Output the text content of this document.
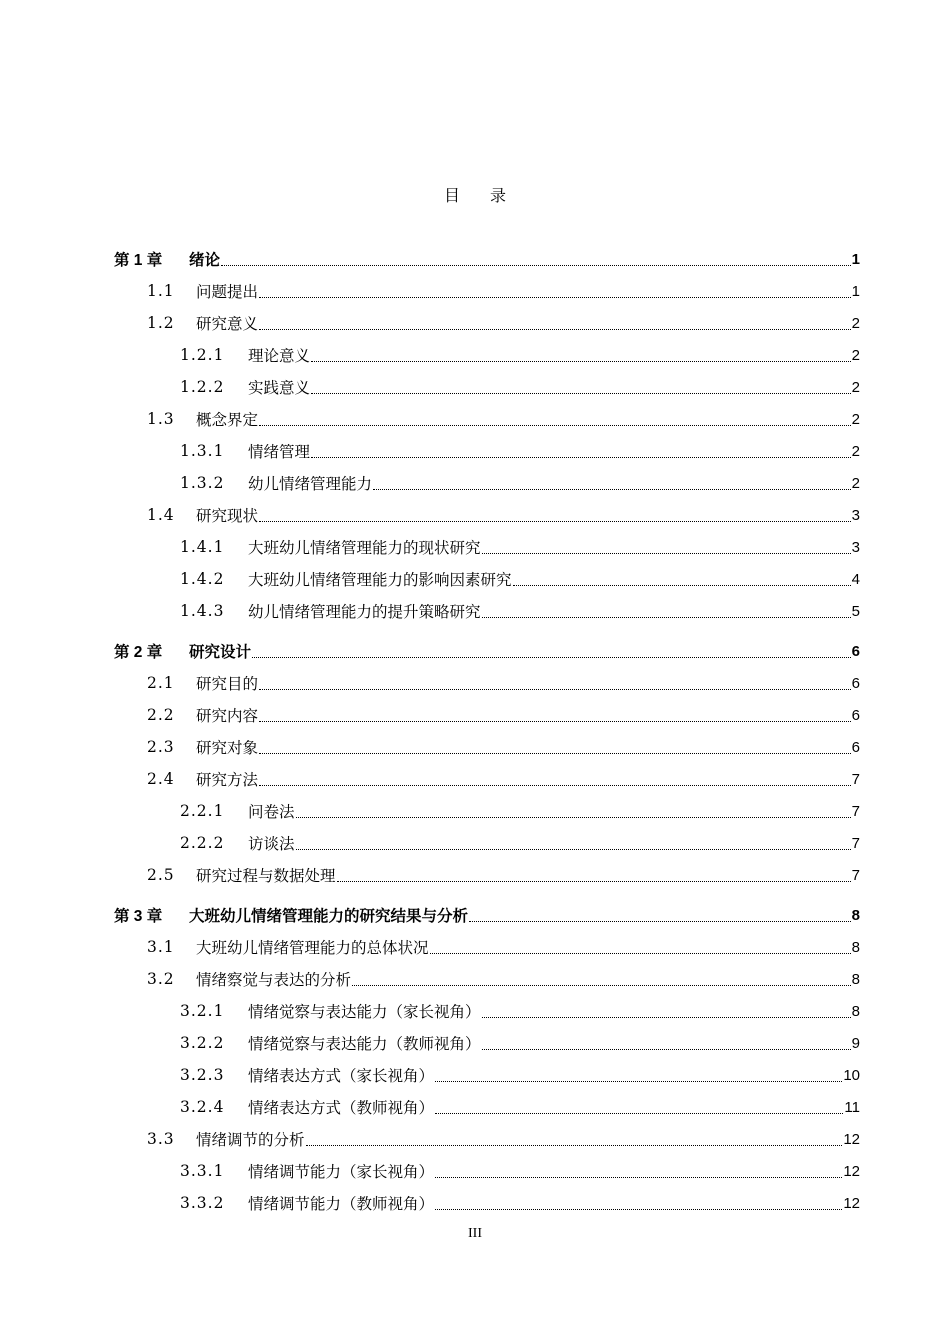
目 录
第 1 章	绪论	1
1.1	问题提出	1
1.2	研究意义	2
1.2.1	理论意义	2
1.2.2	实践意义	2
1.3	概念界定	2
1.3.1	情绪管理	2
1.3.2	幼儿情绪管理能力	2
1.4	研究现状	3
1.4.1	大班幼儿情绪管理能力的现状研究	3
1.4.2	大班幼儿情绪管理能力的影响因素研究	4
1.4.3	幼儿情绪管理能力的提升策略研究	5
第 2 章	研究设计	6
2.1	研究目的	6
2.2	研究内容	6
2.3	研究对象	6
2.4	研究方法	7
2.2.1	问卷法	7
2.2.2	访谈法	7
2.5	研究过程与数据处理	7
第 3 章	大班幼儿情绪管理能力的研究结果与分析	8
3.1	大班幼儿情绪管理能力的总体状况	8
3.2	情绪察觉与表达的分析	8
3.2.1	情绪觉察与表达能力（家长视角）	8
3.2.2	情绪觉察与表达能力（教师视角）	9
3.2.3	情绪表达方式（家长视角）	10
3.2.4	情绪表达方式（教师视角）	11
3.3	情绪调节的分析	12
3.3.1	情绪调节能力（家长视角）	12
3.3.2	情绪调节能力（教师视角）	12
III
